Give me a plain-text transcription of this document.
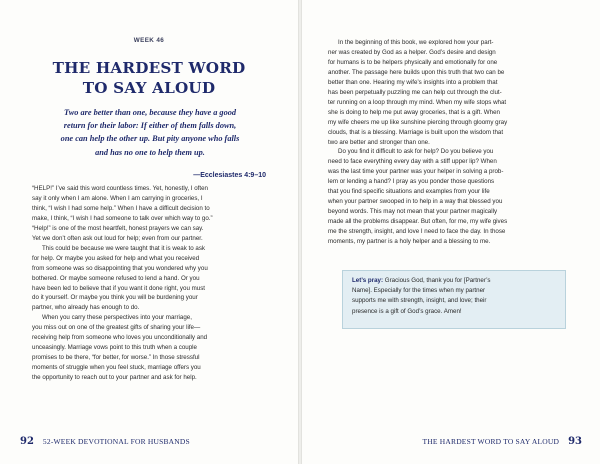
WEEK 46
THE HARDEST WORD
TO SAY ALOUD
Two are better than one, because they have a good
return for their labor: If either of them falls down,
one can help the other up. But pity anyone who falls
and has no one to help them up.
—Ecclesiastes 4:9–10
“HELP!” I’ve said this word countless times. Yet, honestly, I often
say it only when I am alone. When I am carrying in groceries, I
think, “I wish I had some help.” When I have a difficult decision to
make, I think, “I wish I had someone to talk over which way to go.”
“Help!” is one of the most heartfelt, honest prayers we can say.
Yet we don’t often ask out loud for help; even from our partner.
This could be because we were taught that it is weak to ask
for help. Or maybe you asked for help and what you received
from someone was so disappointing that you wondered why you
bothered. Or maybe someone refused to lend a hand. Or you
have been led to believe that if you want it done right, you must
do it yourself. Or maybe you think you will be burdening your
partner, who already has enough to do.
When you carry these perspectives into your marriage,
you miss out on one of the greatest gifts of sharing your life—
receiving help from someone who loves you unconditionally and
unceasingly. Marriage vows point to this truth when a couple
promises to be there, “for better, for worse.” In those stressful
moments of struggle when you feel stuck, marriage offers you
the opportunity to reach out to your partner and ask for help.
92 52-WEEK DEVOTIONAL FOR HUSBANDS
In the beginning of this book, we explored how your part-
ner was created by God as a helper. God’s desire and design
for humans is to be helpers physically and emotionally for one
another. The passage here builds upon this truth that two can be
better than one. Hearing my wife’s insights into a problem that
has been perpetually puzzling me can help cut through the clut-
ter running on a loop through my mind. When my wife stops what
she is doing to help me put away groceries, that is a gift. When
my wife cheers me up like sunshine piercing through gloomy gray
clouds, that is a blessing. Marriage is built upon the wisdom that
two are better and stronger than one.
Do you find it difficult to ask for help? Do you believe you
need to face everything every day with a stiff upper lip? When
was the last time your partner was your helper in solving a prob-
lem or lending a hand? I pray as you ponder those questions
that you find specific situations and examples from your life
when your partner swooped in to help in a way that blessed you
beyond words. This may not mean that your partner magically
made all the problems disappear. But often, for me, my wife gives
me the strength, insight, and love I need to face the day. In those
moments, my partner is a holy helper and a blessing to me.
Let’s pray: Gracious God, thank you for [Partner’s
Name]. Especially for the times when my partner
supports me with strength, insight, and love; their
presence is a gift of God’s grace. Amen!
THE HARDEST WORD TO SAY ALOUD 93
